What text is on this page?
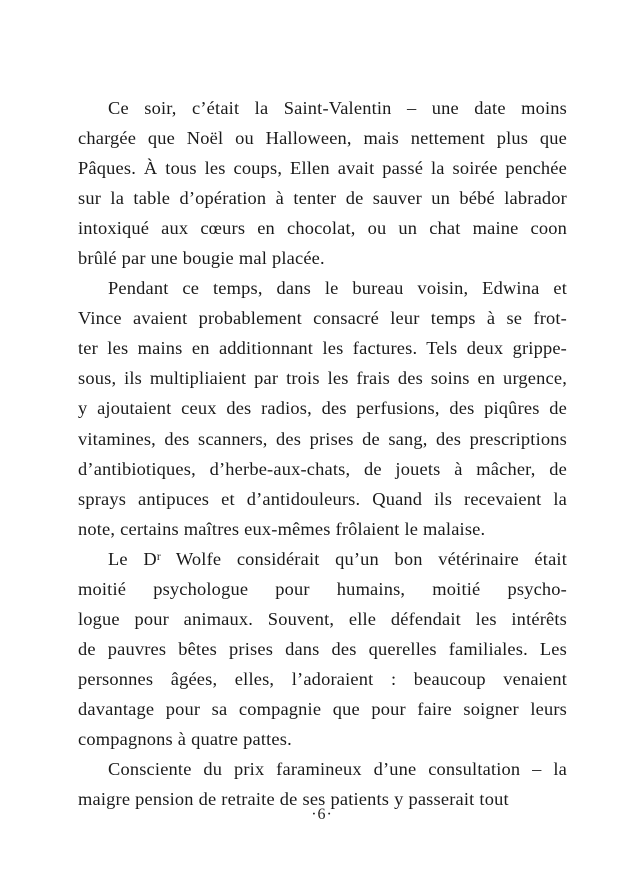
Ce soir, c’était la Saint-Valentin – une date moins
chargée que Noël ou Halloween, mais nettement plus que
Pâques. À tous les coups, Ellen avait passé la soirée penchée
sur la table d’opération à tenter de sauver un bébé labrador
intoxiqué aux cœurs en chocolat, ou un chat maine coon
brûlé par une bougie mal placée.

Pendant ce temps, dans le bureau voisin, Edwina et
Vince avaient probablement consacré leur temps à se frot-
ter les mains en additionnant les factures. Tels deux grippe-
sous, ils multipliaient par trois les frais des soins en urgence,
y ajoutaient ceux des radios, des perfusions, des piqûres de
vitamines, des scanners, des prises de sang, des prescriptions
d’antibiotiques, d’herbe-aux-chats, de jouets à mâcher, de
sprays antipuces et d’antidouleurs. Quand ils recevaient la
note, certains maîtres eux-mêmes frôlaient le malaise.

Le $D^r$ Wolfe considérait qu’un bon vétérinaire était
moitié psychologue pour humains, moitié psycho-
logue pour animaux. Souvent, elle défendait les intérêts
de pauvres bêtes prises dans des querelles familiales. Les
personnes âgées, elles, l’adoraient : beaucoup venaient
davantage pour sa compagnie que pour faire soigner leurs
compagnons à quatre pattes.

Consciente du prix faramineux d’une consultation – la
maigre pension de retraite de ses patients y passerait tout

·6·
